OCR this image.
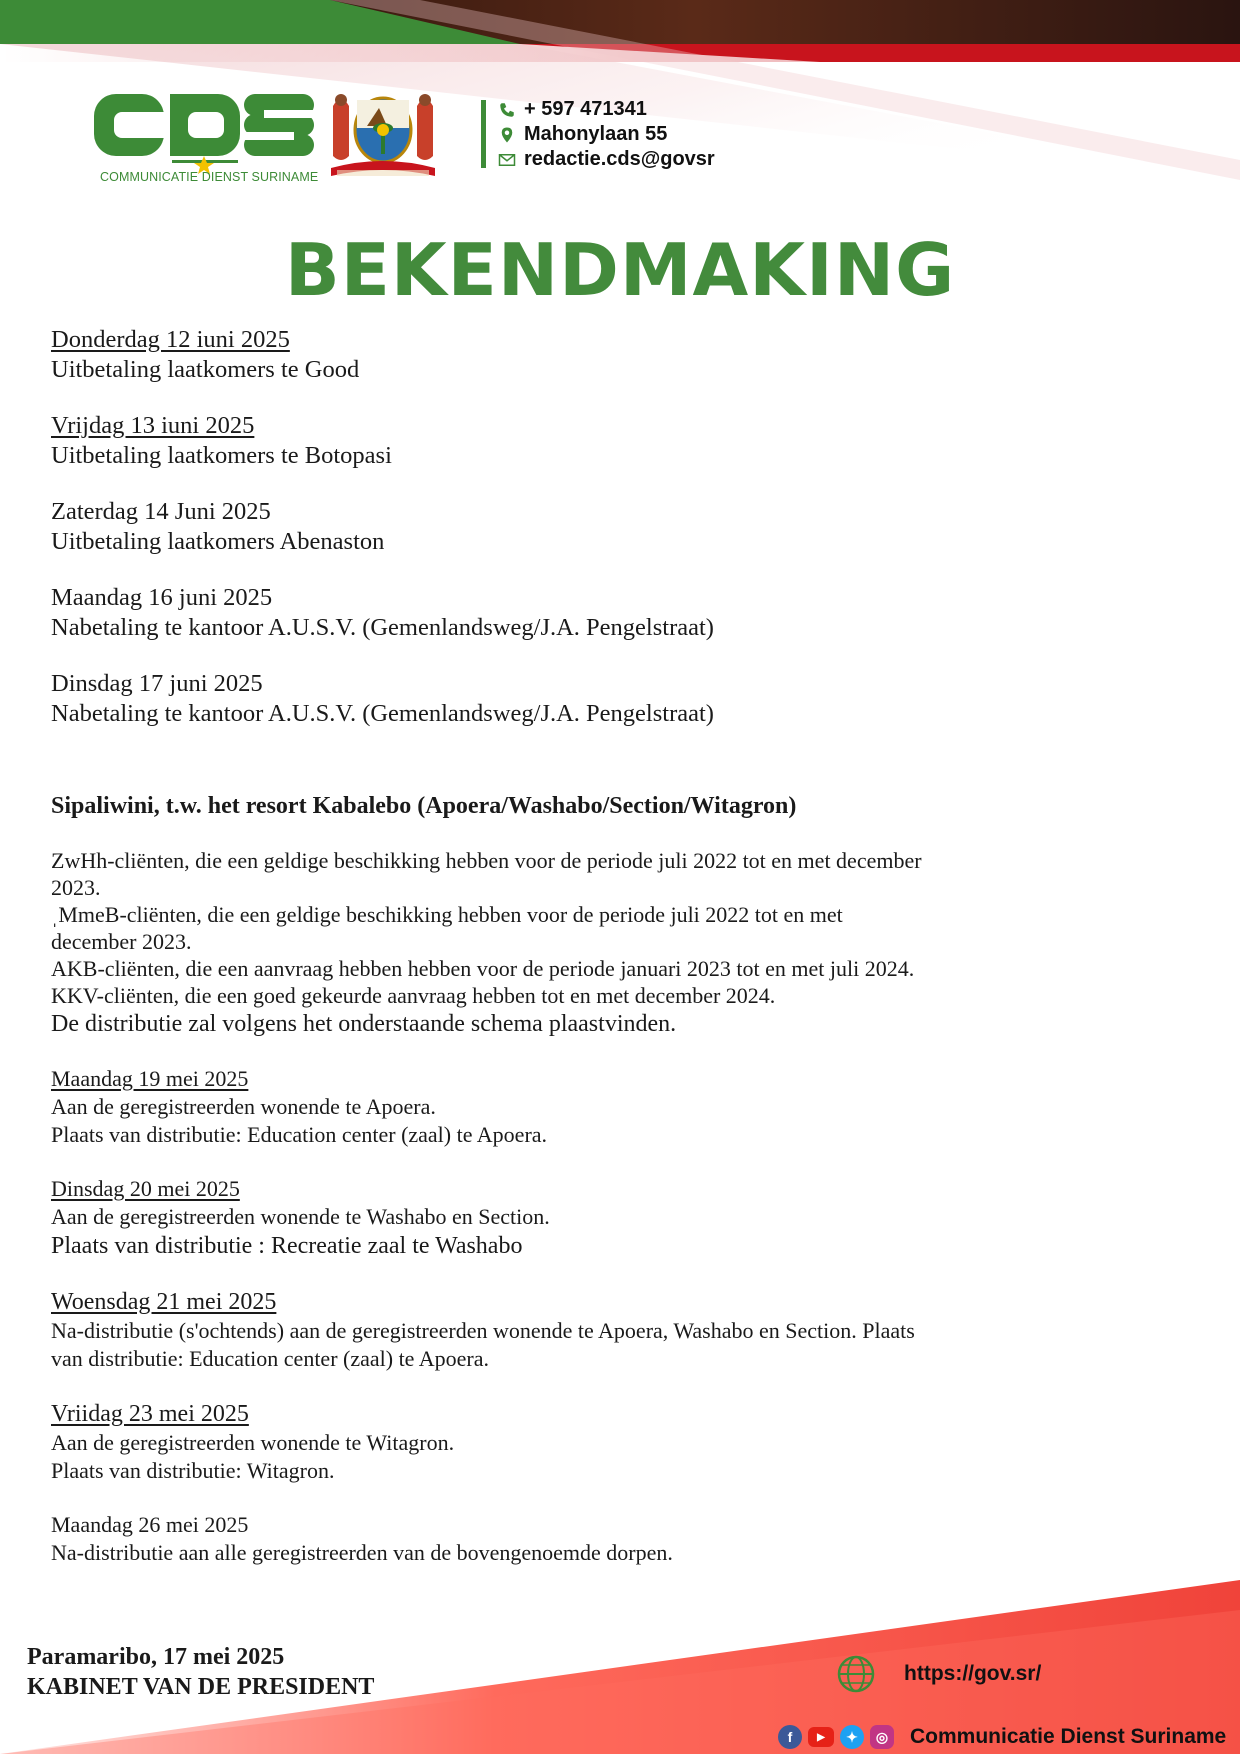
COMMUNICATIE DIENST SURINAME
+ 597 471341
Mahonylaan 55
redactie.cds@govsr
BEKENDMAKING
Donderdag 12 iuni 2025
Uitbetaling laatkomers te Good
Vrijdag 13 iuni 2025
Uitbetaling laatkomers te Botopasi
Zaterdag 14 Juni 2025
Uitbetaling laatkomers Abenaston
Maandag 16 juni 2025
Nabetaling te kantoor A.U.S.V. (Gemenlandsweg/J.A. Pengelstraat)
Dinsdag 17 juni 2025
Nabetaling te kantoor A.U.S.V. (Gemenlandsweg/J.A. Pengelstraat)
Sipaliwini, t.w. het resort Kabalebo (Apoera/Washabo/Section/Witagron)
ZwHh-cliënten, die een geldige beschikking hebben voor de periode juli 2022 tot en met december
2023.
ˌMmeB-cliënten, die een geldige beschikking hebben voor de periode juli 2022 tot en met
december 2023.
AKB-cliënten, die een aanvraag hebben hebben voor de periode januari 2023 tot en met juli 2024.
KKV-cliënten, die een goed gekeurde aanvraag hebben tot en met december 2024.
De distributie zal volgens het onderstaande schema plaastvinden.
Maandag 19 mei 2025
Aan de geregistreerden wonende te Apoera.
Plaats van distributie: Education center (zaal) te Apoera.
Dinsdag 20 mei 2025
Aan de geregistreerden wonende te Washabo en Section.
Plaats van distributie : Recreatie zaal te Washabo
Woensdag 21 mei 2025
Na-distributie (s'ochtends) aan de geregistreerden wonende te Apoera, Washabo en Section. Plaats
van distributie: Education center (zaal) te Apoera.
Vriidag 23 mei 2025
Aan de geregistreerden wonende te Witagron.
Plaats van distributie: Witagron.
Maandag 26 mei 2025
Na-distributie aan alle geregistreerden van de bovengenoemde dorpen.
Paramaribo, 17 mei 2025
KABINET VAN DE PRESIDENT
https://gov.sr/
f	▶	✦	◎ Communicatie Dienst Suriname
